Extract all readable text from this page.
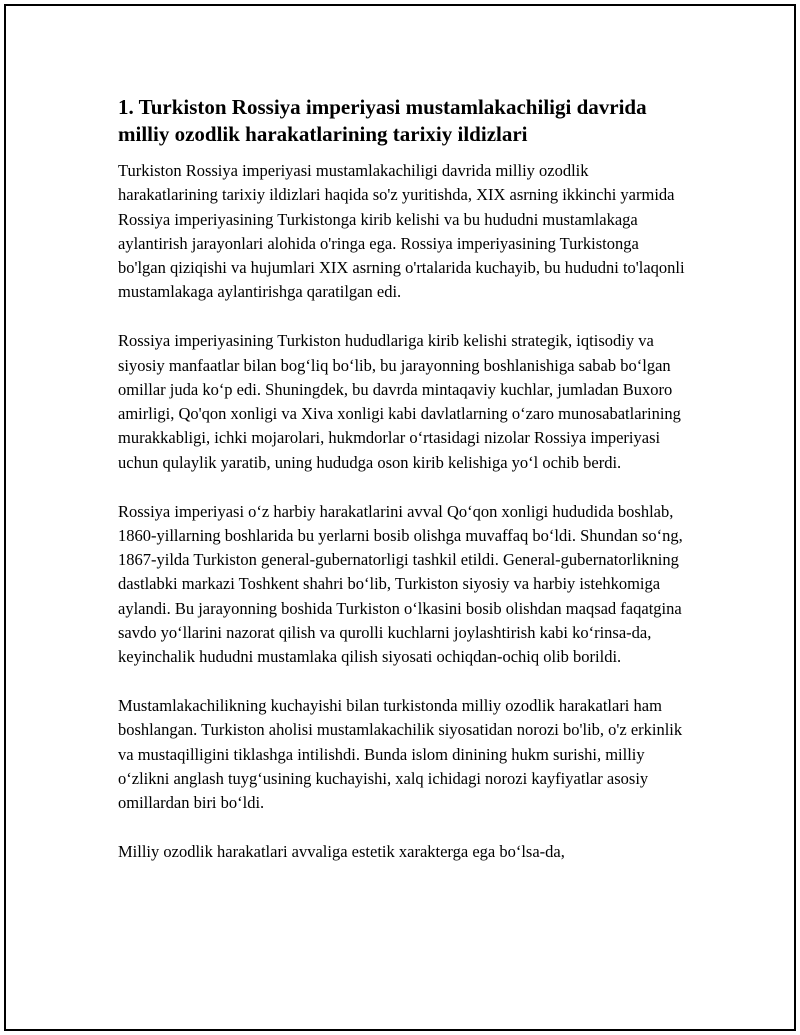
1. Turkiston Rossiya imperiyasi mustamlakachiligi davrida milliy ozodlik harakatlarining tarixiy ildizlari

Turkiston Rossiya imperiyasi mustamlakachiligi davrida milliy ozodlik harakatlarining tarixiy ildizlari haqida so'z yuritishda, XIX asrning ikkinchi yarmida Rossiya imperiyasining Turkistonga kirib kelishi va bu hududni mustamlakaga aylantirish jarayonlari alohida o'ringa ega. Rossiya imperiyasining Turkistonga bo'lgan qiziqishi va hujumlari XIX asrning o'rtalarida kuchayib, bu hududni to'laqonli mustamlakaga aylantirishga qaratilgan edi.

Rossiya imperiyasining Turkiston hududlariga kirib kelishi strategik, iqtisodiy va siyosiy manfaatlar bilan bog‘liq bo‘lib, bu jarayonning boshlanishiga sabab bo‘lgan omillar juda ko‘p edi. Shuningdek, bu davrda mintaqaviy kuchlar, jumladan Buxoro amirligi, Qo'qon xonligi va Xiva xonligi kabi davlatlarning o‘zaro munosabatlarining murakkabligi, ichki mojarolari, hukmdorlar o‘rtasidagi nizolar Rossiya imperiyasi uchun qulaylik yaratib, uning hududga oson kirib kelishiga yo‘l ochib berdi.

Rossiya imperiyasi o‘z harbiy harakatlarini avval Qo‘qon xonligi hududida boshlab, 1860-yillarning boshlarida bu yerlarni bosib olishga muvaffaq bo‘ldi. Shundan so‘ng, 1867-yilda Turkiston general-gubernatorligi tashkil etildi. General-gubernatorlikning dastlabki markazi Toshkent shahri bo‘lib, Turkiston siyosiy va harbiy istehkomiga aylandi. Bu jarayonning boshida Turkiston o‘lkasini bosib olishdan maqsad faqatgina savdo yo‘llarini nazorat qilish va qurolli kuchlarni joylashtirish kabi ko‘rinsa-da, keyinchalik hududni mustamlaka qilish siyosati ochiqdan-ochiq olib borildi.

Mustamlakachilikning kuchayishi bilan turkistonda milliy ozodlik harakatlari ham boshlangan. Turkiston aholisi mustamlakachilik siyosatidan norozi bo'lib, o'z erkinlik va mustaqilligini tiklashga intilishdi. Bunda islom dinining hukm surishi, milliy o‘zlikni anglash tuyg‘usining kuchayishi, xalq ichidagi norozi kayfiyatlar asosiy omillardan biri bo‘ldi.

Milliy ozodlik harakatlari avvaliga estetik xarakterga ega bo‘lsa-da,
